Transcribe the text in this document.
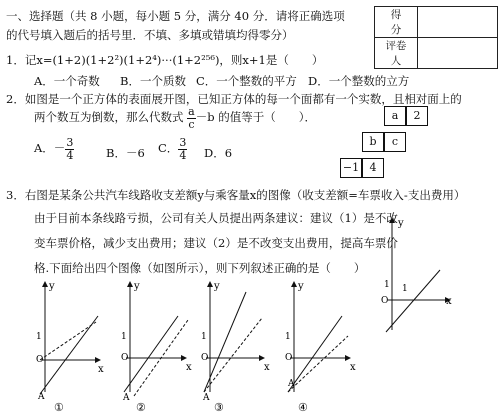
一、选择题（共 8 小题，每小题 5 分，满分 40 分．请将正确选项
的代号填入题后的括号里．不填、多填或错填均得零分）
得　分	
评卷人	
1．记x=(1+2)(1+2²)(1+2⁴)···(1+2²⁵⁶)，则x+1是（　　）
A．一个奇数 B．一个质数 C．一个整数的平方 D．一个整数的立方
2．如图是一个正方体的表面展开图，已知正方体的每一个面都有一个实数，且相对面上的
两个数互为倒数，那么代数式 $\frac{a}{c} -b$ 的值等于（　　）．
A．－ $\frac{3}{4}$	B．－6 C． $\frac{3}{4}$ D．6
a	2
b	c
−1 4
3．右图是某条公共汽车线路收支差额y与乘客量x的图像（收支差额=车票收入-支出费用）
由于目前本条线路亏损，公司有关人员提出两条建议：建议（1）是不改
变车票价格，减少支出费用；建议（2）是不改变支出费用，提高车票价
格.下面给出四个图像（如图所示），则下列叙述正确的是（　　）
y
x
1 1
O
y
x
1
O
A
①
y
x
1
O
A
②
y
x
1
O
A
③
y
x
1
O
A
④
